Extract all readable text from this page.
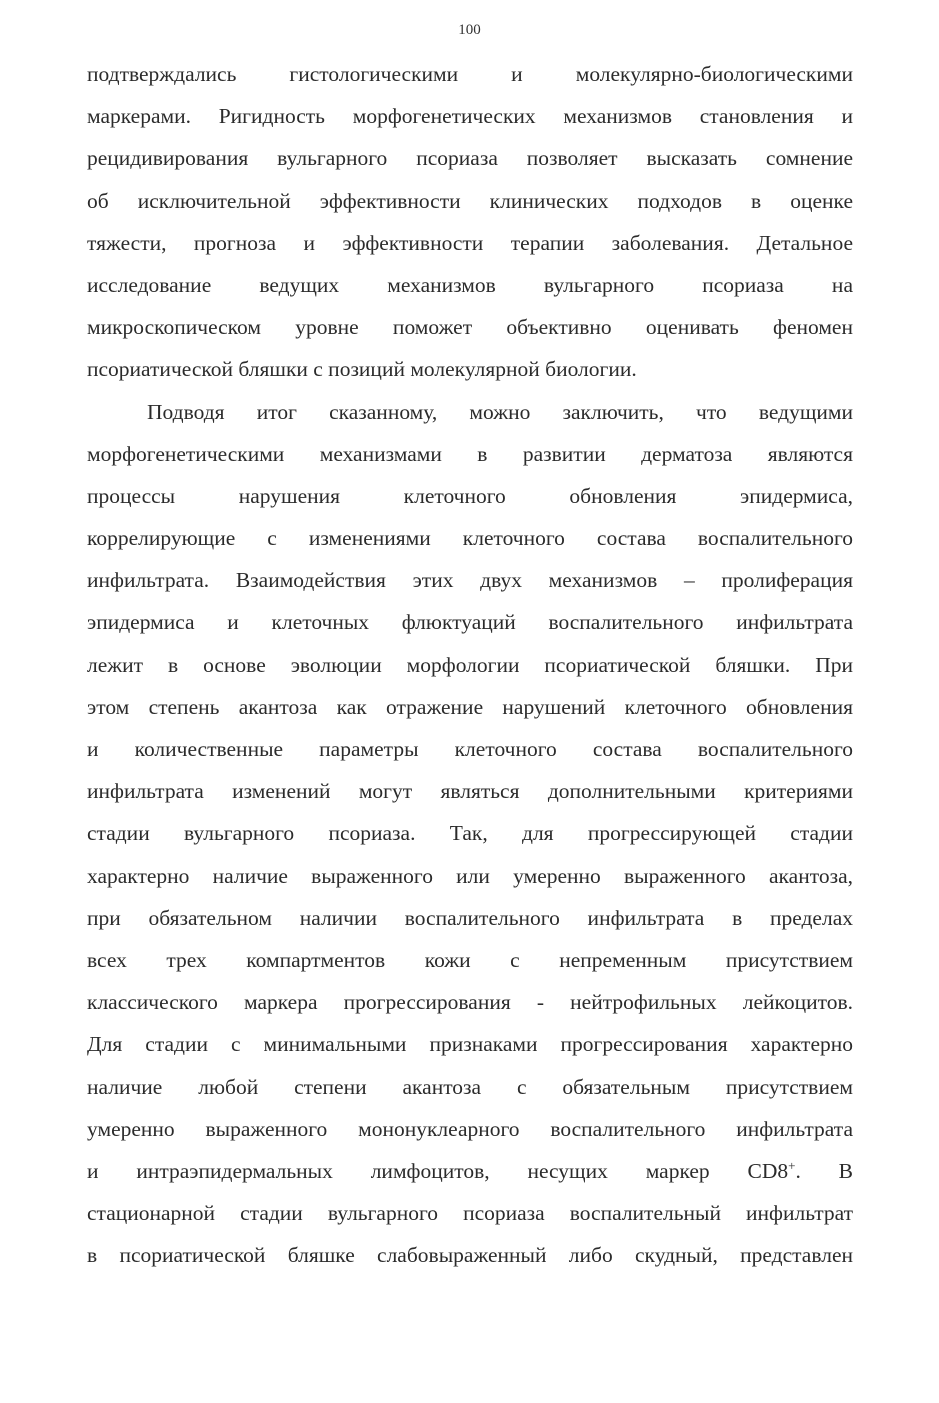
100
подтверждались гистологическими и молекулярно-биологическими
маркерами. Ригидность морфогенетических механизмов становления и
рецидивирования вульгарного псориаза позволяет высказать сомнение
об исключительной эффективности клинических подходов в оценке
тяжести, прогноза и эффективности терапии заболевания. Детальное
исследование ведущих механизмов вульгарного псориаза на
микроскопическом уровне поможет объективно оценивать феномен
псориатической бляшки с позиций молекулярной биологии.
Подводя итог сказанному, можно заключить, что ведущими
морфогенетическими механизмами в развитии дерматоза являются
процессы нарушения клеточного обновления эпидермиса,
коррелирующие с изменениями клеточного состава воспалительного
инфильтрата. Взаимодействия этих двух механизмов – пролиферация
эпидермиса и клеточных флюктуаций воспалительного инфильтрата
лежит в основе эволюции морфологии псориатической бляшки. При
этом степень акантоза как отражение нарушений клеточного обновления
и количественные параметры клеточного состава воспалительного
инфильтрата изменений могут являться дополнительными критериями
стадии вульгарного псориаза. Так, для прогрессирующей стадии
характерно наличие выраженного или умеренно выраженного акантоза,
при обязательном наличии воспалительного инфильтрата в пределах
всех трех компартментов кожи с непременным присутствием
классического маркера прогрессирования - нейтрофильных лейкоцитов.
Для стадии с минимальными признаками прогрессирования характерно
наличие любой степени акантоза с обязательным присутствием
умеренно выраженного мононуклеарного воспалительного инфильтрата
и интраэпидермальных лимфоцитов, несущих маркер CD8+. В
стационарной стадии вульгарного псориаза воспалительный инфильтрат
в псориатической бляшке слабовыраженный либо скудный, представлен
